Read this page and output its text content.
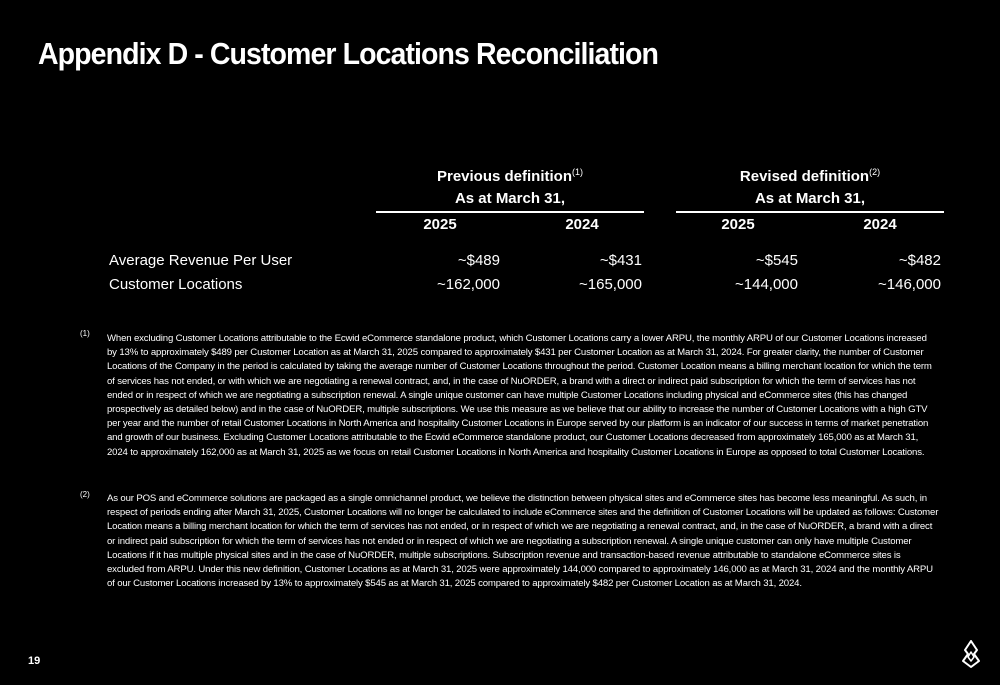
Appendix D - Customer Locations Reconciliation
Previous definition$^{(1)}$
As at March 31,
Revised definition$^{(2)}$
As at March 31,
2025	2024	2025	2024
Average Revenue Per User	~$489	~$431	~$545	~$482
Customer Locations	~162,000	~165,000	~144,000	~146,000
(1) When excluding Customer Locations attributable to the Ecwid eCommerce standalone product, which Customer Locations carry a lower ARPU, the monthly ARPU of our Customer Locations increased by 13% to approximately $489 per Customer Location as at March 31, 2025 compared to approximately $431 per Customer Location as at March 31, 2024. For greater clarity, the number of Customer Locations of the Company in the period is calculated by taking the average number of Customer Locations throughout the period. Customer Location means a billing merchant location for which the term of services has not ended, or with which we are negotiating a renewal contract, and, in the case of NuORDER, a brand with a direct or indirect paid subscription for which the term of services has not ended or in respect of which we are negotiating a subscription renewal. A single unique customer can have multiple Customer Locations including physical and eCommerce sites (this has changed prospectively as detailed below) and in the case of NuORDER, multiple subscriptions. We use this measure as we believe that our ability to increase the number of Customer Locations with a high GTV per year and the number of retail Customer Locations in North America and hospitality Customer Locations in Europe served by our platform is an indicator of our success in terms of market penetration and growth of our business. Excluding Customer Locations attributable to the Ecwid eCommerce standalone product, our Customer Locations decreased from approximately 165,000 as at March 31, 2024 to approximately 162,000 as at March 31, 2025 as we focus on retail Customer Locations in North America and hospitality Customer Locations in Europe as opposed to total Customer Locations.
(2) As our POS and eCommerce solutions are packaged as a single omnichannel product, we believe the distinction between physical sites and eCommerce sites has become less meaningful. As such, in respect of periods ending after March 31, 2025, Customer Locations will no longer be calculated to include eCommerce sites and the definition of Customer Locations will be updated as follows: Customer Location means a billing merchant location for which the term of services has not ended, or in respect of which we are negotiating a renewal contract, and, in the case of NuORDER, a brand with a direct or indirect paid subscription for which the term of services has not ended or in respect of which we are negotiating a subscription renewal. A single unique customer can only have multiple Customer Locations if it has multiple physical sites and in the case of NuORDER, multiple subscriptions. Subscription revenue and transaction-based revenue attributable to standalone eCommerce sites is excluded from ARPU. Under this new definition, Customer Locations as at March 31, 2025 were approximately 144,000 compared to approximately 146,000 as at March 31, 2024 and the monthly ARPU of our Customer Locations increased by 13% to approximately $545 as at March 31, 2025 compared to approximately $482 per Customer Location as at March 31, 2024.
19
